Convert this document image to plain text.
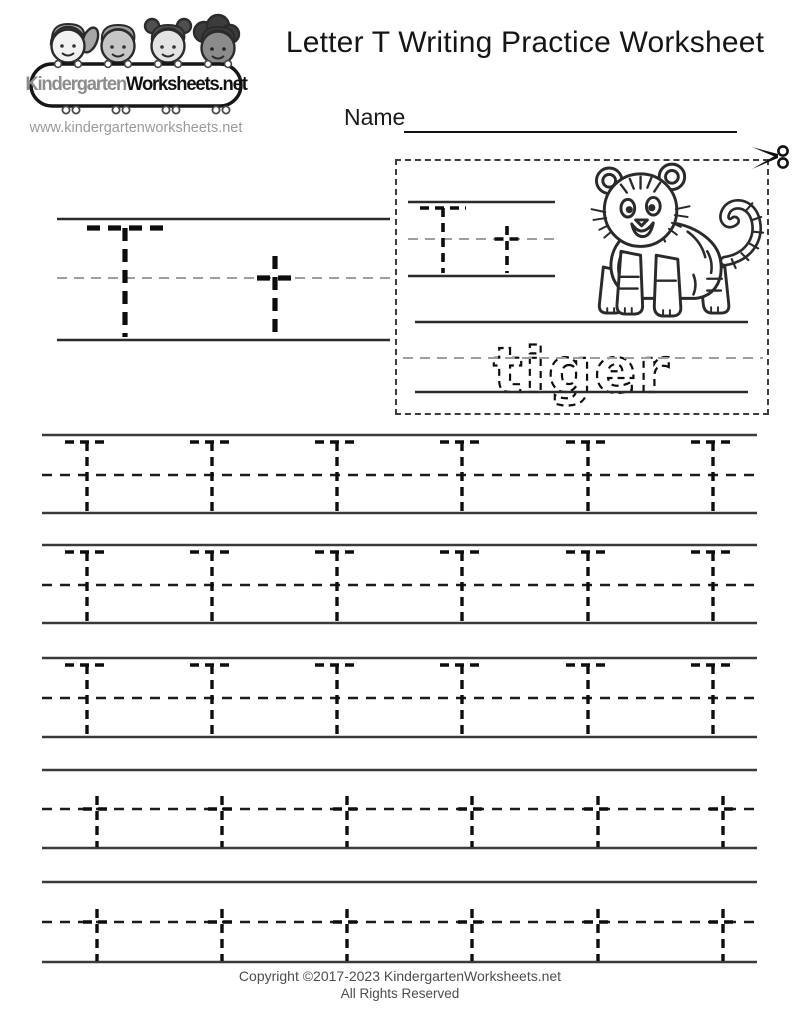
Kindergarten Worksheets.net
www.kindergartenworksheets.net
Letter T Writing Practice Worksheet
Name
tiger
Copyright ©2017-2023 KindergartenWorksheets.net
All Rights Reserved
